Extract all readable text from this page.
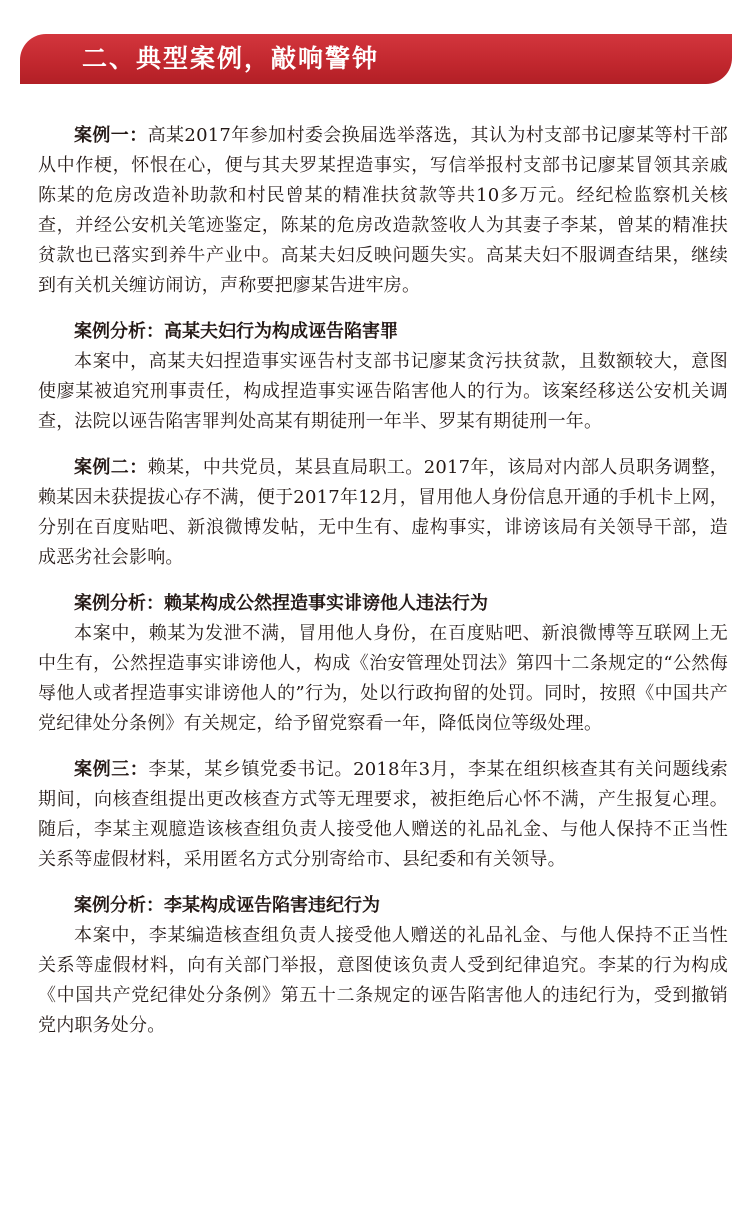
二、典型案例，敲响警钟

案例一：高某2017年参加村委会换届选举落选，其认为村支部书记廖某等村干部从中作梗，怀恨在心，便与其夫罗某捏造事实，写信举报村支部书记廖某冒领其亲戚陈某的危房改造补助款和村民曾某的精准扶贫款等共10多万元。经纪检监察机关核查，并经公安机关笔迹鉴定，陈某的危房改造款签收人为其妻子李某，曾某的精准扶贫款也已落实到养牛产业中。高某夫妇反映问题失实。高某夫妇不服调查结果，继续到有关机关缠访闹访，声称要把廖某告进牢房。

案例分析：高某夫妇行为构成诬告陷害罪

本案中，高某夫妇捏造事实诬告村支部书记廖某贪污扶贫款，且数额较大，意图使廖某被追究刑事责任，构成捏造事实诬告陷害他人的行为。该案经移送公安机关调查，法院以诬告陷害罪判处高某有期徒刑一年半、罗某有期徒刑一年。

案例二：赖某，中共党员，某县直局职工。2017年，该局对内部人员职务调整，赖某因未获提拔心存不满，便于2017年12月，冒用他人身份信息开通的手机卡上网，分别在百度贴吧、新浪微博发帖，无中生有、虚构事实，诽谤该局有关领导干部，造成恶劣社会影响。

案例分析：赖某构成公然捏造事实诽谤他人违法行为

本案中，赖某为发泄不满，冒用他人身份，在百度贴吧、新浪微博等互联网上无中生有，公然捏造事实诽谤他人，构成《治安管理处罚法》第四十二条规定的“公然侮辱他人或者捏造事实诽谤他人的”行为，处以行政拘留的处罚。同时，按照《中国共产党纪律处分条例》有关规定，给予留党察看一年，降低岗位等级处理。

案例三：李某，某乡镇党委书记。2018年3月，李某在组织核查其有关问题线索期间，向核查组提出更改核查方式等无理要求，被拒绝后心怀不满，产生报复心理。随后，李某主观臆造该核查组负责人接受他人赠送的礼品礼金、与他人保持不正当性关系等虚假材料，采用匿名方式分别寄给市、县纪委和有关领导。

案例分析：李某构成诬告陷害违纪行为

本案中，李某编造核查组负责人接受他人赠送的礼品礼金、与他人保持不正当性关系等虚假材料，向有关部门举报，意图使该负责人受到纪律追究。李某的行为构成《中国共产党纪律处分条例》第五十二条规定的诬告陷害他人的违纪行为，受到撤销党内职务处分。
